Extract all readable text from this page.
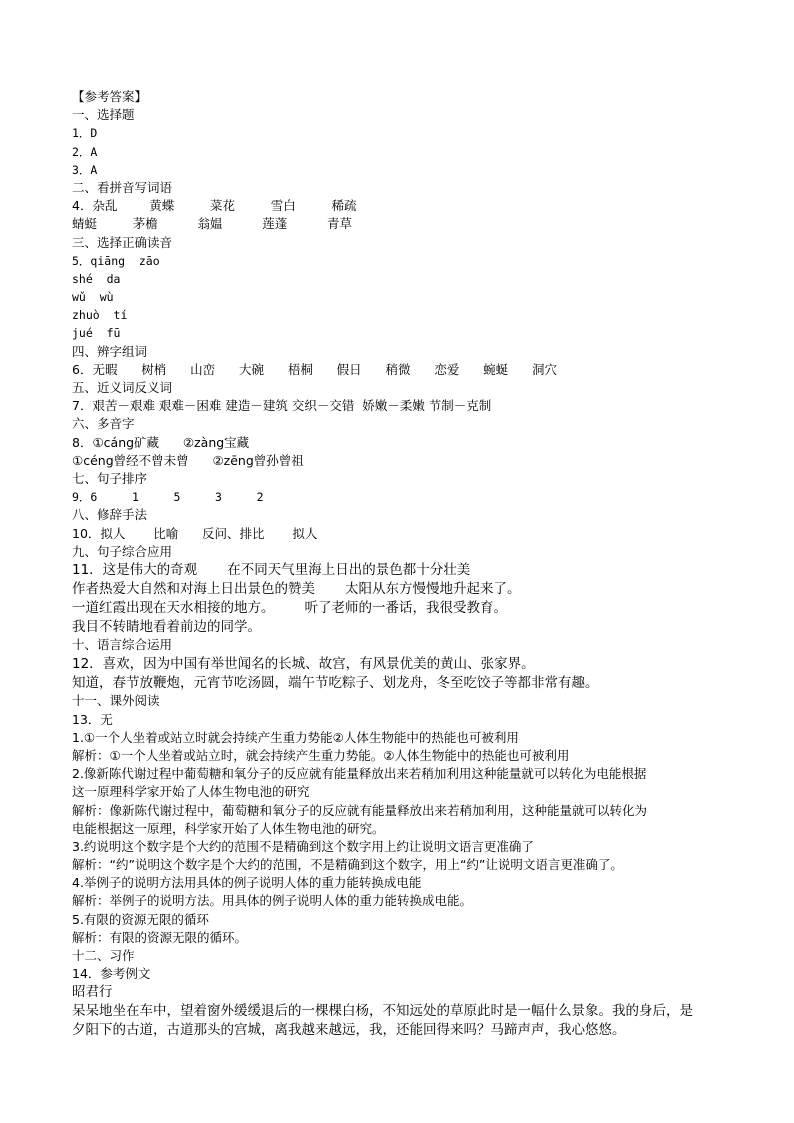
【参考答案】
一、选择题
1．D
2．A
3．A
二、看拼音写词语
4．杂乱        黄蝶         菜花         雪白         稀疏
蜻蜓         茅檐          翁媪          莲蓬          青草
三、选择正确读音
5．qiāng  zāo
shé  da
wǔ  wù
zhuò  tí
jué  fū
四、辨字组词
6．无暇      树梢      山峦      大碗      梧桐      假日      稍微      恋爱      蜿蜒      洞穴
五、近义词反义词
7．艰苦－艰难 艰难－困难 建造－建筑 交织－交错  娇嫩－柔嫩 节制－克制
六、多音字
8．①cáng矿藏      ②zàng宝藏
①céng曾经不曾未曾      ②zēng曾孙曾祖
七、句子排序
9．6     1     5     3     2
八、修辞手法
10．拟人       比喻      反问、排比       拟人
九、句子综合应用
11．这是伟大的奇观       在不同天气里海上日出的景色都十分壮美
作者热爱大自然和对海上日出景色的赞美       太阳从东方慢慢地升起来了。
一道红霞出现在天水相接的地方。       听了老师的一番话，我很受教育。
我目不转睛地看着前边的同学。
十、语言综合运用
12．喜欢，因为中国有举世闻名的长城、故宫，有风景优美的黄山、张家界。
知道，春节放鞭炮，元宵节吃汤圆，端午节吃粽子、划龙舟，冬至吃饺子等都非常有趣。
十一、课外阅读
13．无
1.①一个人坐着或站立时就会持续产生重力势能②人体生物能中的热能也可被利用
解析：①一个人坐着或站立时，就会持续产生重力势能。②人体生物能中的热能也可被利用
2.像新陈代谢过程中葡萄糖和氧分子的反应就有能量释放出来若稍加利用这种能量就可以转化为电能根据
这一原理科学家开始了人体生物电池的研究
解析：像新陈代谢过程中，葡萄糖和氧分子的反应就有能量释放出来若稍加利用，这种能量就可以转化为
电能根据这一原理，科学家开始了人体生物电池的研究。
3.约说明这个数字是个大约的范围不是精确到这个数字用上约让说明文语言更准确了
解析：“约”说明这个数字是个大约的范围，不是精确到这个数字，用上“约”让说明文语言更准确了。
4.举例子的说明方法用具体的例子说明人体的重力能转换成电能
解析：举例子的说明方法。用具体的例子说明人体的重力能转换成电能。
5.有限的资源无限的循环
解析：有限的资源无限的循环。
十二、习作
14．参考例文
昭君行
呆呆地坐在车中，望着窗外缓缓退后的一棵棵白杨，不知远处的草原此时是一幅什么景象。我的身后，是
夕阳下的古道，古道那头的宫城，离我越来越远，我，还能回得来吗？马蹄声声，我心悠悠。
